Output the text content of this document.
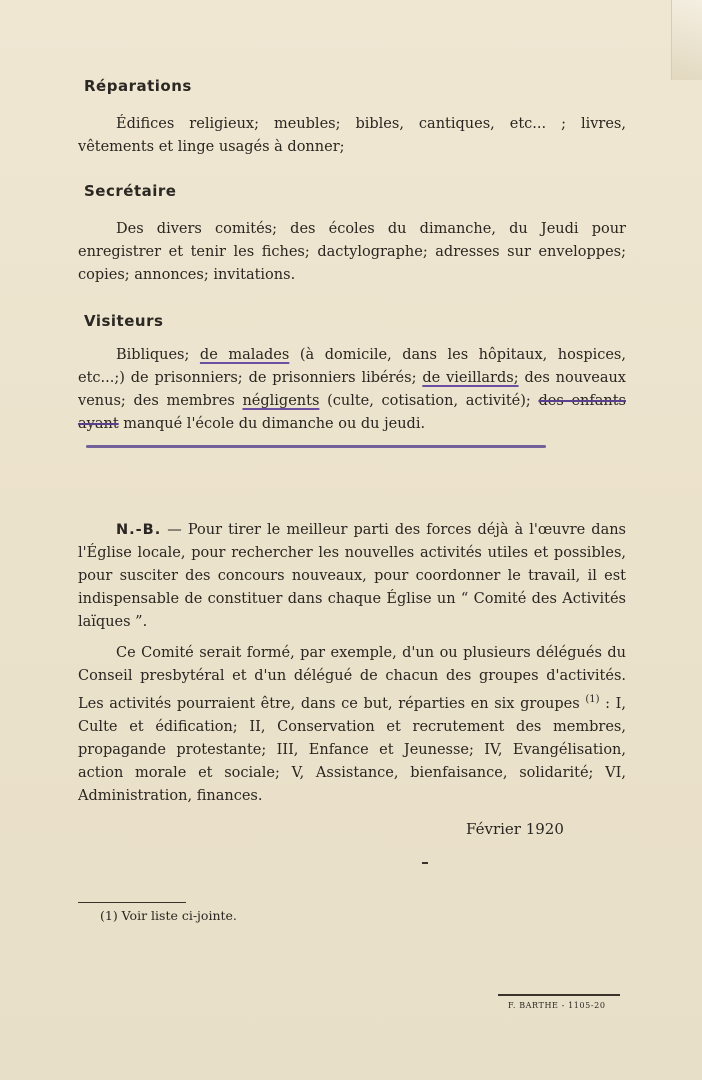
Réparations
Édifices religieux; meubles; bibles, cantiques, etc... ; livres, vêtements et linge usagés à donner;
Secrétaire
Des divers comités; des écoles du dimanche, du Jeudi pour enregistrer et tenir les fiches; dactylographe; adresses sur enveloppes; copies; annonces; invitations.
Visiteurs
Bibliques; de malades (à domicile, dans les hôpitaux, hospices, etc...;) de prisonniers; de prisonniers libérés; de vieillards; des nouveaux venus; des membres négligents (culte, cotisation, activité); des enfants ayant manqué l'école du dimanche ou du jeudi.
N.-B. — Pour tirer le meilleur parti des forces déjà à l'œuvre dans l'Église locale, pour rechercher les nouvelles activités utiles et possibles, pour susciter des concours nouveaux, pour coordonner le travail, il est indispensable de constituer dans chaque Église un “ Comité des Activités laïques ”.
Ce Comité serait formé, par exemple, d'un ou plusieurs délégués du Conseil presbytéral et d'un délégué de chacun des groupes d'activités. Les activités pourraient être, dans ce but, réparties en six groupes $^{(1)}$ : I, Culte et édification; II, Conservation et recrutement des membres, propagande protestante; III, Enfance et Jeunesse; IV, Evangélisation, action morale et sociale; V, Assistance, bienfaisance, solidarité; VI, Administration, finances.
Février 1920
(1) Voir liste ci-jointe.
F. BARTHE - 1105-20
